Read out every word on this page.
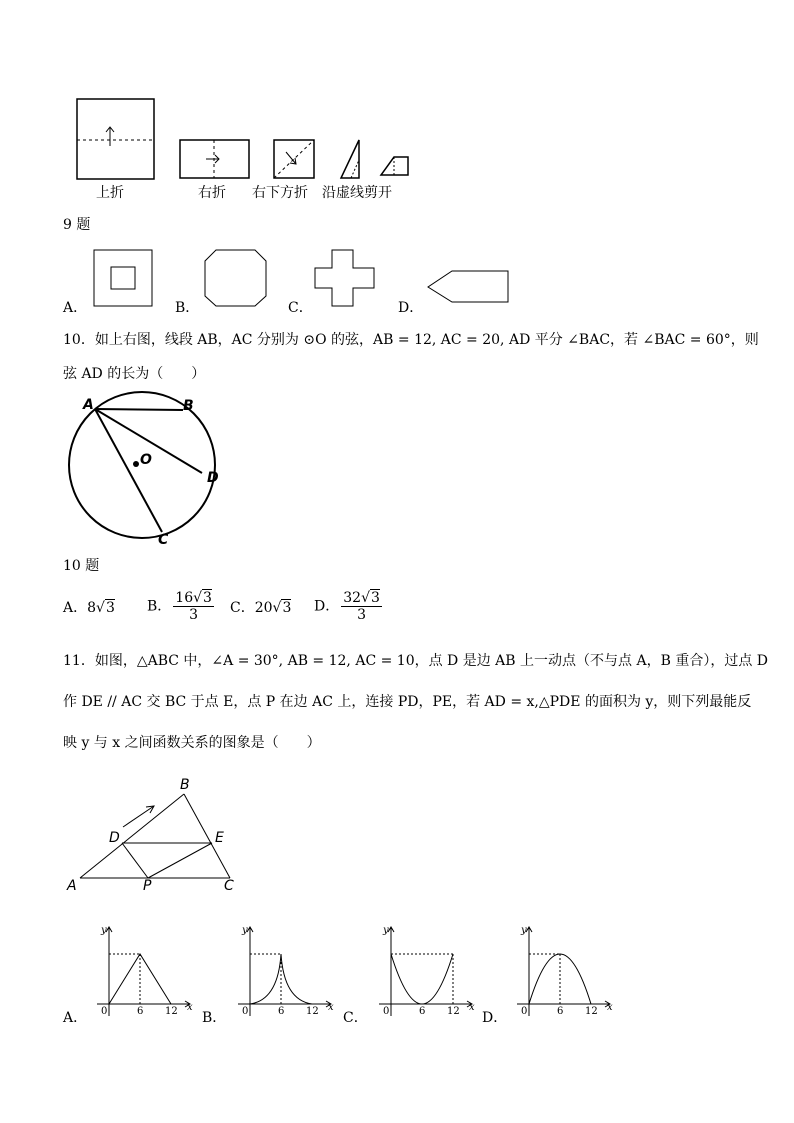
上折	右折 右下方折 沿虚线剪开
9 题
A．	B．	C．	D．
10．如上右图，线段 AB，AC 分别为 ⊙O 的弦，AB = 12, AC = 20, AD 平分 ∠BAC，若 ∠BAC = 60°，则
弦 AD 的长为（　　）
A	B
O
D
C
10 题
A．8√3 B． $\frac{16√3}{3}$ C．20√3 D． $\frac{32√3}{3}$
11．如图，△ABC 中，∠A = 30°, AB = 12, AC = 10，点 D 是边 AB 上一动点（不与点 A，B 重合），过点 D
作 DE // AC 交 BC 于点 E，点 P 在边 AC 上，连接 PD，PE，若 AD = x,△PDE 的面积为 y，则下列最能反
映 y 与 x 之间函数关系的图象是（　　）
B
D	E
A	P	C
y
0	6 12 x
y
0	6 12 x
y
0	6 12 x
y
0	6 12 x
A．	B．	C．	D．
